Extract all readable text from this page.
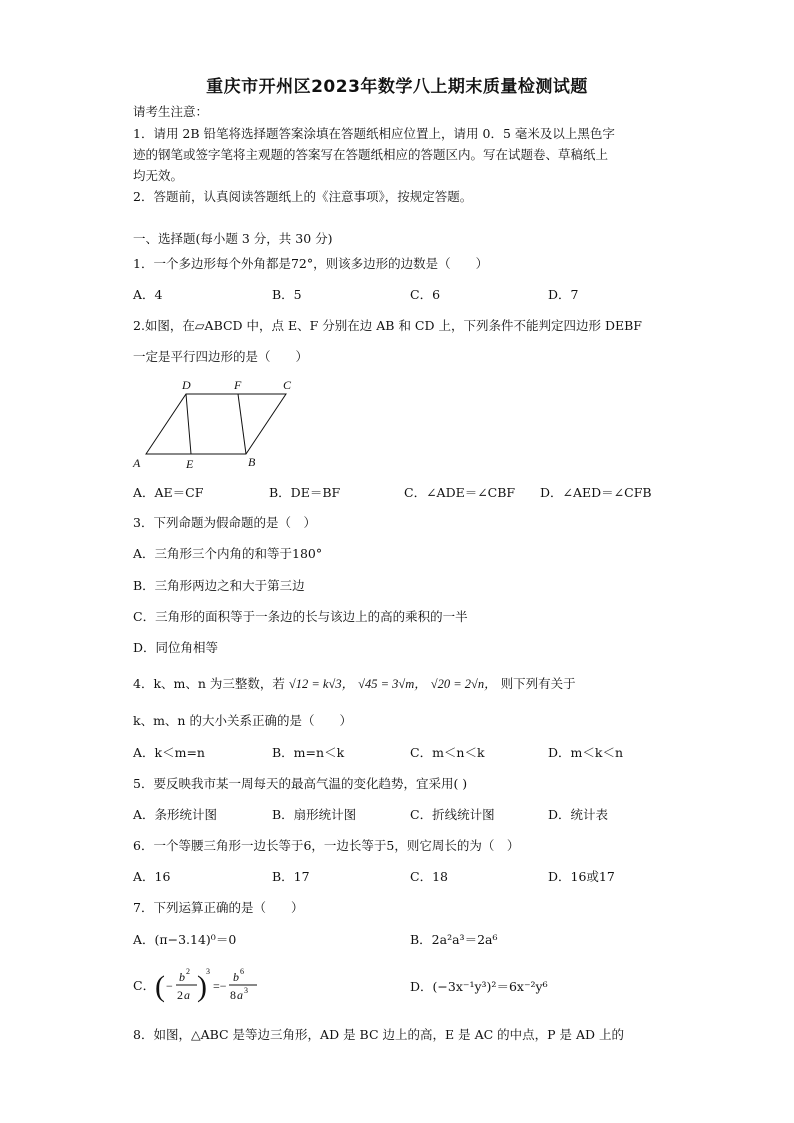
重庆市开州区2023年数学八上期末质量检测试题
请考生注意：
1．请用 2B 铅笔将选择题答案涂填在答题纸相应位置上，请用 0．5 毫米及以上黑色字
迹的钢笔或签字笔将主观题的答案写在答题纸相应的答题区内。写在试题卷、草稿纸上
均无效。
2．答题前，认真阅读答题纸上的《注意事项》，按规定答题。
一、选择题(每小题 3 分，共 30 分)
1．一个多边形每个外角都是72°，则该多边形的边数是（　　）
A．4	B．5	C．6	D．7
2.如图，在▱ABCD 中，点 E、F 分别在边 AB 和 CD 上，下列条件不能判定四边形 DEBF
一定是平行四边形的是（　　）
D	F	C
A	E	B
A．AE＝CF	B．DE＝BF	C．∠ADE＝∠CBF D．∠AED＝∠CFB
3．下列命题为假命题的是（　）
A．三角形三个内角的和等于180°
B．三角形两边之和大于第三边
C．三角形的面积等于一条边的长与该边上的高的乘积的一半
D．同位角相等
4．k、m、n 为三整数，若 √12 = k√3， √45 = 3√m， √20 = 2√n， 则下列有关于
k、m、n 的大小关系正确的是（　　）
A．k＜m=n	B．m=n＜k	C．m＜n＜k	D．m＜k＜n
5．要反映我市某一周每天的最高气温的变化趋势，宜采用( )
A．条形统计图	B．扇形统计图	C．折线统计图	D．统计表
6．一个等腰三角形一边长等于6，一边长等于5，则它周长的为（　）
A．16	B．17	C．18	D．16或17
7．下列运算正确的是（　　）
A．(π−3.14)⁰＝0	B．2a²a³＝2a⁶
C． ( −
b 2
2 a ) 3
=−
b 6
8 a 3	D．(−3x⁻¹y³)²＝6x⁻²y⁶
8．如图，△ABC 是等边三角形，AD 是 BC 边上的高，E 是 AC 的中点，P 是 AD 上的
